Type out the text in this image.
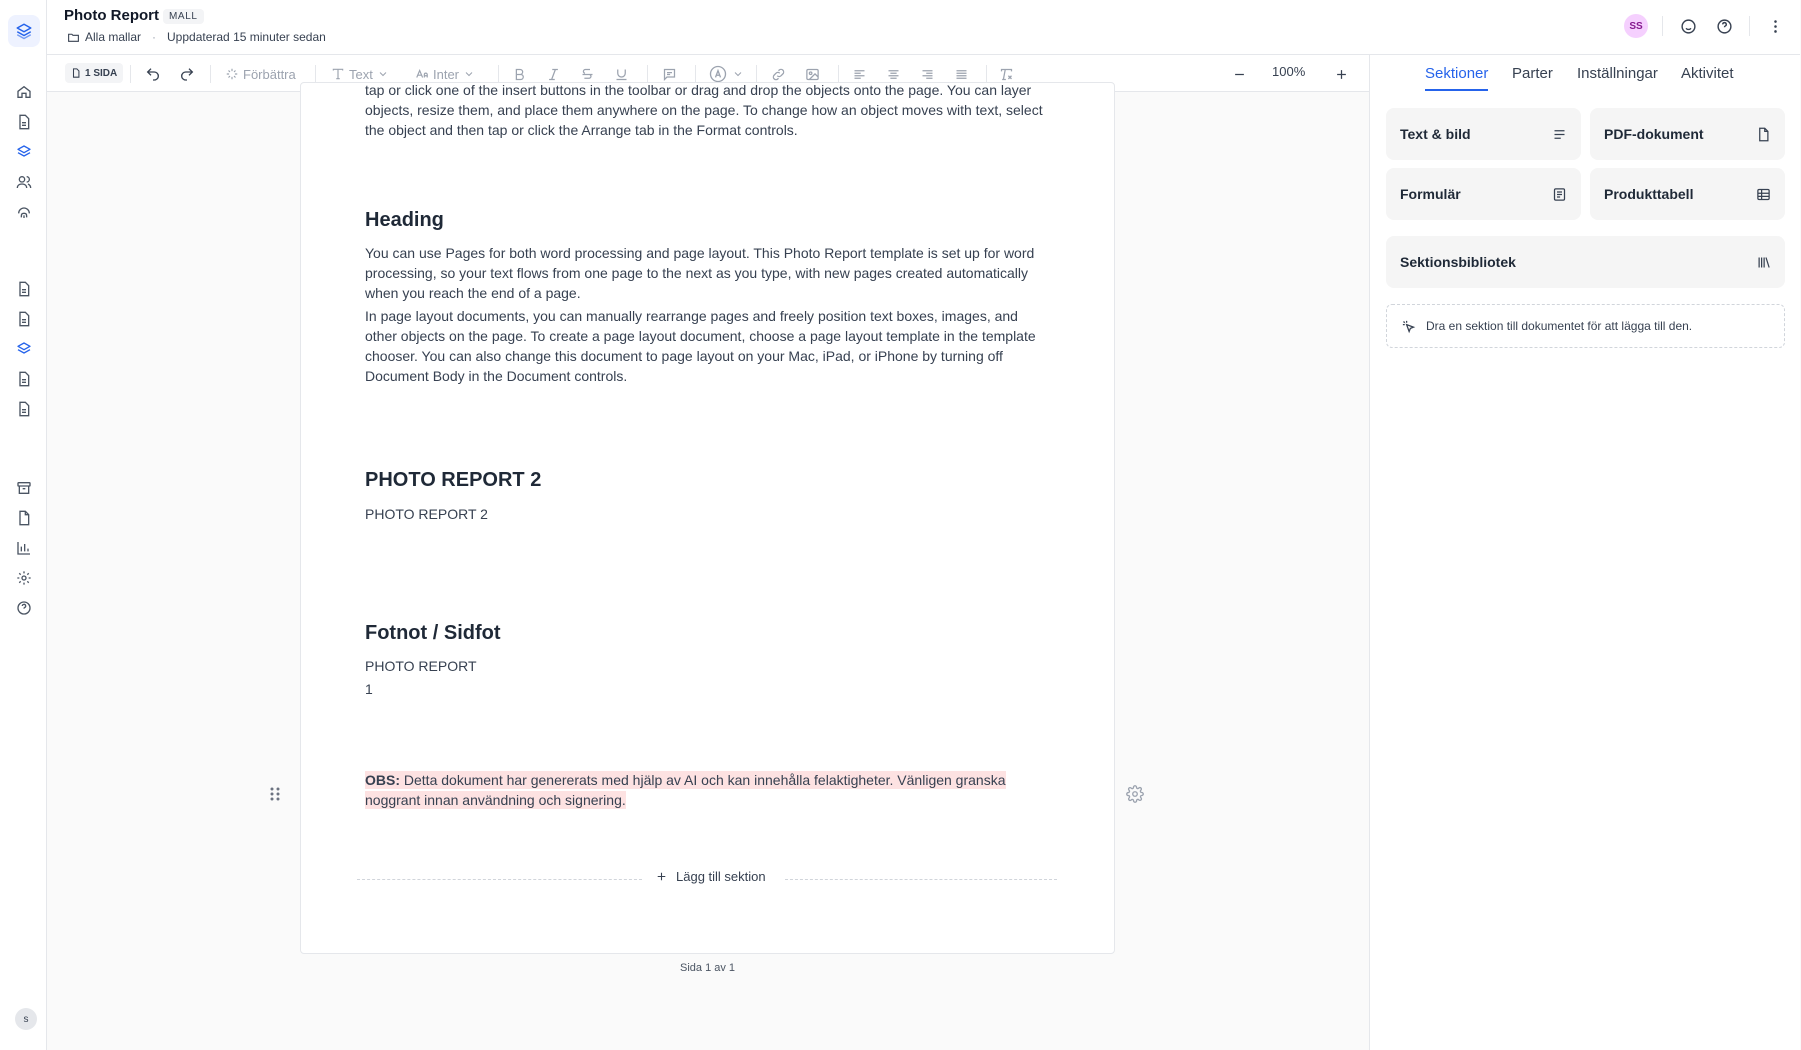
s
Photo Report	MALL
Alla mallar · Uppdaterad 15 minuter sedan
SS
1 SIDA	Förbättra	Text	Inter	100%
tap or click one of the insert buttons in the toolbar or drag and drop the objects onto the page. You can layer objects, resize them, and place them anywhere on the page. To change how an object moves with text, select the object and then tap or click the Arrange tab in the Format controls.
Heading
You can use Pages for both word processing and page layout. This Photo Report template is set up for word processing, so your text flows from one page to the next as you type, with new pages created automatically when you reach the end of a page.
In page layout documents, you can manually rearrange pages and freely position text boxes, images, and other objects on the page. To create a page layout document, choose a page layout template in the template chooser. You can also change this document to page layout on your Mac, iPad, or iPhone by turning off Document Body in the Document controls.
PHOTO REPORT 2
PHOTO REPORT 2
Fotnot / Sidfot
PHOTO REPORT
1
OBS: Detta dokument har genererats med hjälp av AI och kan innehålla felaktigheter. Vänligen granska noggrant innan användning och signering.
Lägg till sektion
Sida 1 av 1
Sektioner Parter Inställningar Aktivitet
Text & bild	PDF-dokument
Formulär	Produkttabell
Sektionsbibliotek
Dra en sektion till dokumentet för att lägga till den.
